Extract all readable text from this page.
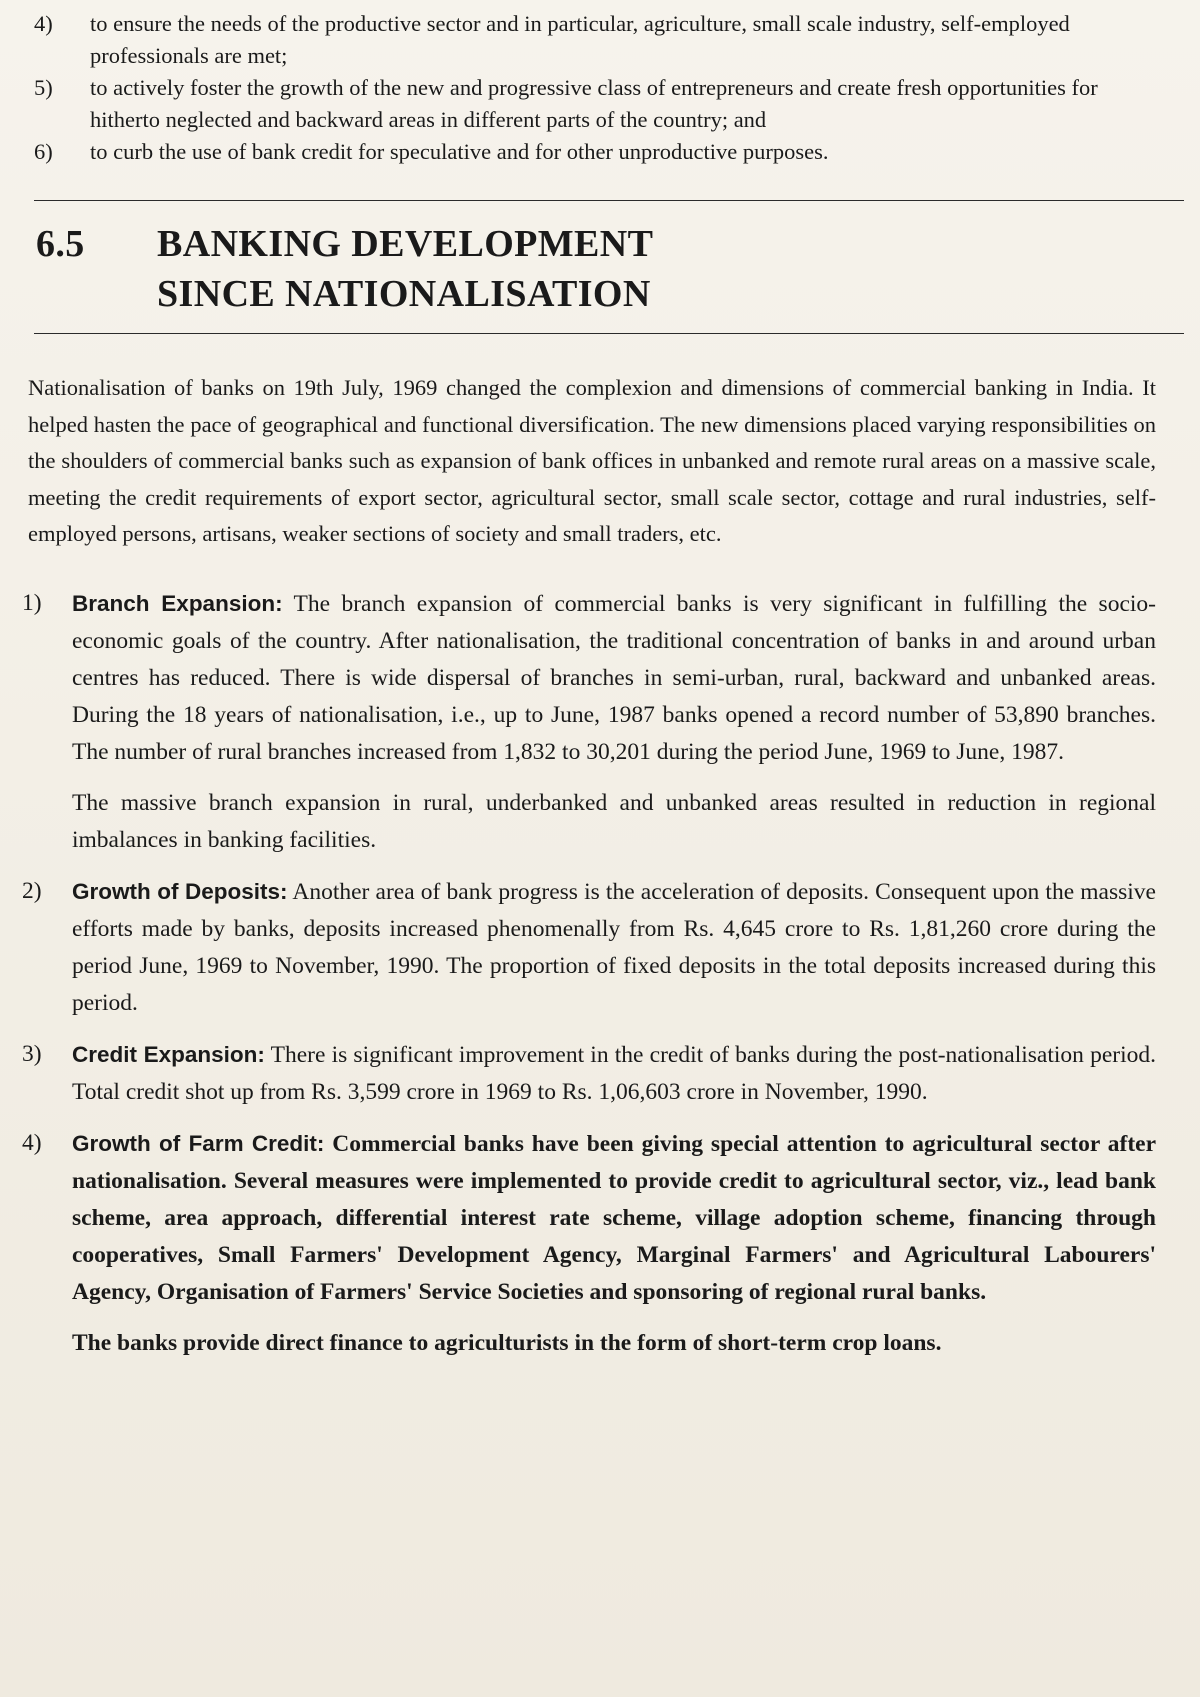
4)	to ensure the needs of the productive sector and in particular, agriculture, small scale industry, self-employed professionals are met;
5)	to actively foster the growth of the new and progressive class of entrepreneurs and create fresh opportunities for hitherto neglected and backward areas in different parts of the country; and
6)	to curb the use of bank credit for speculative and for other unproductive purposes.
6.5	BANKING DEVELOPMENT SINCE NATIONALISATION

Nationalisation of banks on 19th July, 1969 changed the complexion and dimensions of commercial banking in India. It helped hasten the pace of geographical and functional diversification. The new dimensions placed varying responsibilities on the shoulders of commercial banks such as expansion of bank offices in unbanked and remote rural areas on a massive scale, meeting the credit requirements of export sector, agricultural sector, small scale sector, cottage and rural industries, self-employed persons, artisans, weaker sections of society and small traders, etc.

1)	Branch Expansion: The branch expansion of commercial banks is very significant in fulfilling the socio-economic goals of the country. After nationalisation, the traditional concentration of banks in and around urban centres has reduced. There is wide dispersal of branches in semi-urban, rural, backward and unbanked areas. During the 18 years of nationalisation, i.e., up to June, 1987 banks opened a record number of 53,890 branches. The number of rural branches increased from 1,832 to 30,201 during the period June, 1969 to June, 1987.

The massive branch expansion in rural, underbanked and unbanked areas resulted in reduction in regional imbalances in banking facilities.

2)	Growth of Deposits: Another area of bank progress is the acceleration of deposits. Consequent upon the massive efforts made by banks, deposits increased phenomenally from Rs. 4,645 crore to Rs. 1,81,260 crore during the period June, 1969 to November, 1990. The proportion of fixed deposits in the total deposits increased during this period.
3)	Credit Expansion: There is significant improvement in the credit of banks during the post-nationalisation period. Total credit shot up from Rs. 3,599 crore in 1969 to Rs. 1,06,603 crore in November, 1990.
4)	Growth of Farm Credit: Commercial banks have been giving special attention to agricultural sector after nationalisation. Several measures were implemented to provide credit to agricultural sector, viz., lead bank scheme, area approach, differential interest rate scheme, village adoption scheme, financing through cooperatives, Small Farmers' Development Agency, Marginal Farmers' and Agricultural Labourers' Agency, Organisation of Farmers' Service Societies and sponsoring of regional rural banks.

The banks provide direct finance to agriculturists in the form of short-term crop loans.
